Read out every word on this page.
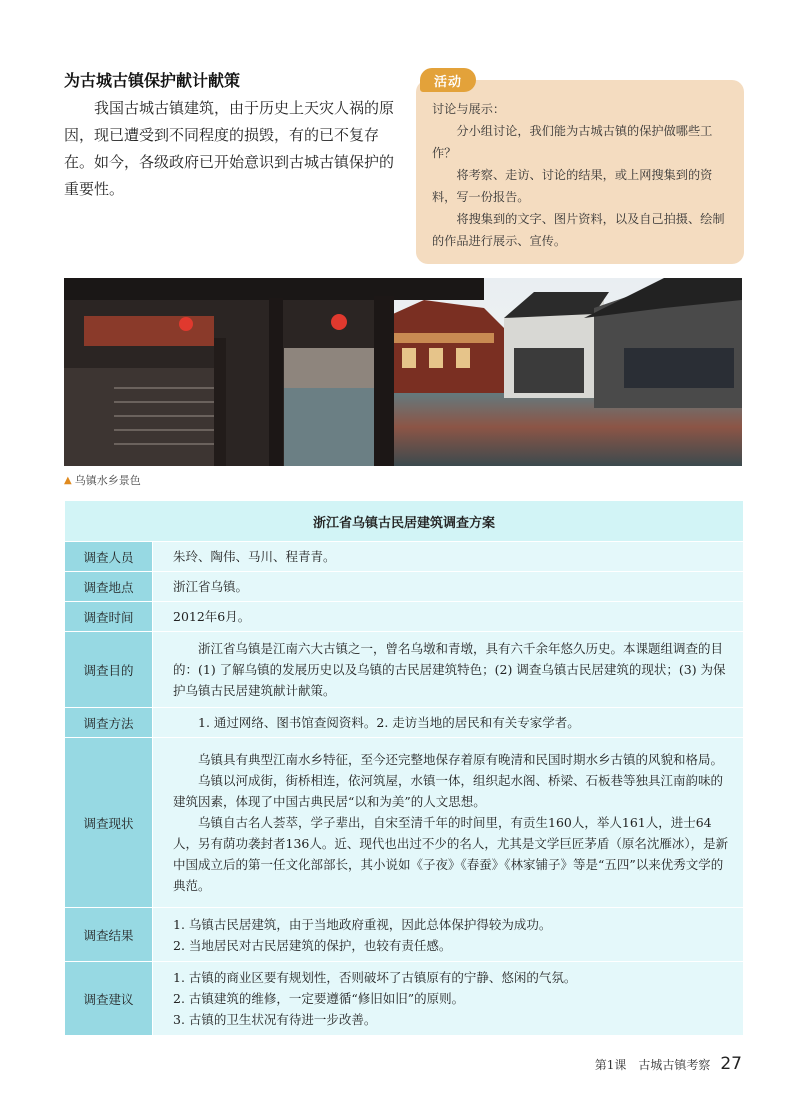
为古城古镇保护献计献策

我国古城古镇建筑，由于历史上天灾人祸的原因，现已遭受到不同程度的损毁，有的已不复存在。如今，各级政府已开始意识到古城古镇保护的重要性。

讨论与展示：

分小组讨论，我们能为古城古镇的保护做哪些工作？

将考察、走访、讨论的结果，或上网搜集到的资料，写一份报告。

将搜集到的文字、图片资料，以及自己拍摄、绘制的作品进行展示、宣传。

活动
▲ 乌镇水乡景色
浙江省乌镇古民居建筑调查方案	
调查人员	朱玲、陶伟、马川、程青青。

调查地点	浙江省乌镇。

调查时间	2012年6月。

调查目的	浙江省乌镇是江南六大古镇之一，曾名乌墩和青墩，具有六千余年悠久历史。本课题组调查的目的：(1) 了解乌镇的发展历史以及乌镇的古民居建筑特色；(2) 调查乌镇古民居建筑的现状；(3) 为保护乌镇古民居建筑献计献策。

调查方法	1. 通过网络、图书馆查阅资料。2. 走访当地的居民和有关专家学者。

调查现状	乌镇具有典型江南水乡特征，至今还完整地保存着原有晚清和民国时期水乡古镇的风貌和格局。

乌镇以河成街，街桥相连，依河筑屋，水镇一体，组织起水阁、桥梁、石板巷等独具江南韵味的建筑因素，体现了中国古典民居“以和为美”的人文思想。

乌镇自古名人荟萃，学子辈出，自宋至清千年的时间里，有贡生160人，举人161人，进士64人，另有荫功袭封者136人。近、现代也出过不少的名人，尤其是文学巨匠茅盾（原名沈雁冰），是新中国成立后的第一任文化部部长，其小说如《子夜》《春蚕》《林家铺子》等是“五四”以来优秀文学的典范。

调查结果	1. 乌镇古民居建筑，由于当地政府重视，因此总体保护得较为成功。

2. 当地居民对古民居建筑的保护，也较有责任感。

调查建议	1. 古镇的商业区要有规划性，否则破坏了古镇原有的宁静、悠闲的气氛。

2. 古镇建筑的维修，一定要遵循“修旧如旧”的原则。

3. 古镇的卫生状况有待进一步改善。

第1课　古城古镇考察 27
